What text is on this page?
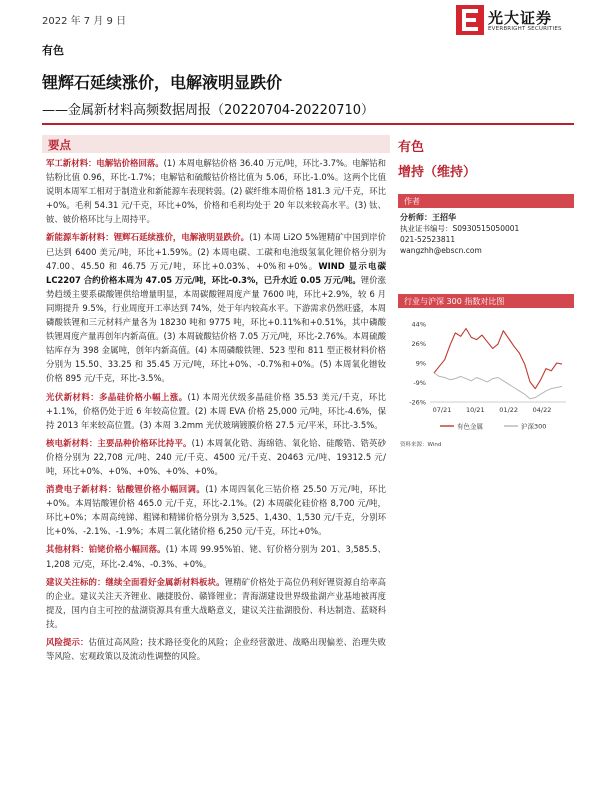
2022 年 7 月 9 日	光大证券
EVERBRIGHT SECURITIES
有色
锂辉石延续涨价，电解液明显跌价
——金属新材料高频数据周报（20220704-20220710）
要点

军工新材料：电解钴价格回落。(1) 本周电解钴价格 36.40 万元/吨，环比-3.7%。电解钴和钴粉比值 0.96，环比-1.7%；电解钴和硫酸钴价格比值为 5.06，环比-1.0%。这两个比值说明本周军工相对于制造业和新能源车表现转弱。(2) 碳纤维本周价格 181.3 元/千克，环比+0%。毛利 54.31 元/千克，环比+0%，价格和毛利均处于 20 年以来较高水平。(3) 钛、铍、铍价格环比与上周持平。

新能源车新材料：锂辉石延续涨价，电解液明显跌价。(1) 本周 Li2O 5%锂精矿中国到岸价已达到 6400 美元/吨，环比+1.59%。(2) 本周电碳、工碳和电池级氢氧化锂价格分别为 47.00、45.50 和 46.75 万元/吨，环比+0.03%、+0%和+0%。WIND 显示电碳 LC2207 合约价格本周为 47.05 万元/吨，环比-0.3%，已升水近 0.05 万元/吨。锂价涨势趋缓主要系碳酸锂供给增量明显，本周碳酸锂周度产量 7600 吨，环比+2.9%，较 6 月同期提升 9.5%，行业周度开工率达到 74%，处于年内较高水平。下游需求仍然旺盛，本周磷酸铁锂和三元材料产量各为 18230 吨和 9775 吨，环比+0.11%和+0.51%，其中磷酸铁锂周度产量再创年内新高值。(3) 本周硫酸钴价格 7.05 万元/吨，环比-2.76%。本周硫酸钴库存为 398 金属吨，创年内新高值。(4) 本周磷酸铁锂、523 型和 811 型正极材料价格分别为 15.50、33.25 和 35.45 万元/吨，环比+0%、-0.7%和+0%。(5) 本周氧化镨钕价格 895 元/千克，环比-3.5%。

光伏新材料：多晶硅价格小幅上涨。(1) 本周光伏级多晶硅价格 35.53 美元/千克，环比+1.1%，价格仍处于近 6 年较高位置。(2) 本周 EVA 价格 25,000 元/吨，环比-4.6%，保持 2013 年来较高位置。(3) 本周 3.2mm 光伏玻璃镀膜价格 27.5 元/平米，环比-3.5%。

核电新材料：主要品种价格环比持平。(1) 本周氧化锆、海绵锆、氧化铪、硅酸锆、锆英砂价格分别为 22,708 元/吨、240 元/千克、4500 元/千克、20463 元/吨、19312.5 元/吨，环比+0%、+0%、+0%、+0%、+0%。

消费电子新材料：钴酸锂价格小幅回调。(1) 本周四氧化三钴价格 25.50 万元/吨，环比+0%。本周钴酸锂价格 465.0 元/千克，环比-2.1%。(2) 本周碳化硅价格 8,700 元/吨，环比+0%；本周高纯锑、粗锑和精锑价格分别为 3,525、1,430、1,530 元/千克，分别环比+0%、-2.1%、-1.9%；本周二氧化锗价格 6,250 元/千克，环比+0%。

其他材料：铂铑价格小幅回落。(1) 本周 99.95%铂、铑、钌价格分别为 201、3,585.5、1,208 元/克，环比-2.4%、-0.3%、+0%。

建议关注标的：继续全面看好金属新材料板块。锂精矿价格处于高位仍利好锂资源自给率高的企业。建议关注天齐锂业、融捷股份、赣锋锂业；青海湖建设世界级盐湖产业基地被再度提及，国内自主可控的盐湖资源具有重大战略意义，建议关注盐湖股份、科达制造、蓝晓科技。

风险提示：估值过高风险；技术路径变化的风险；企业经营激进、战略出现偏差、治理失败等风险、宏观政策以及流动性调整的风险。

有色
增持（维持）
作者
分析师：王招华
执业证书编号：S0930515050001
021-52523811
wangzhh@ebscn.com
行业与沪深 300 指数对比图
44%
26%
9%
-9%
-26%
07/21 10/21 01/22 04/22
有色金属	沪深300
资料来源：Wind
